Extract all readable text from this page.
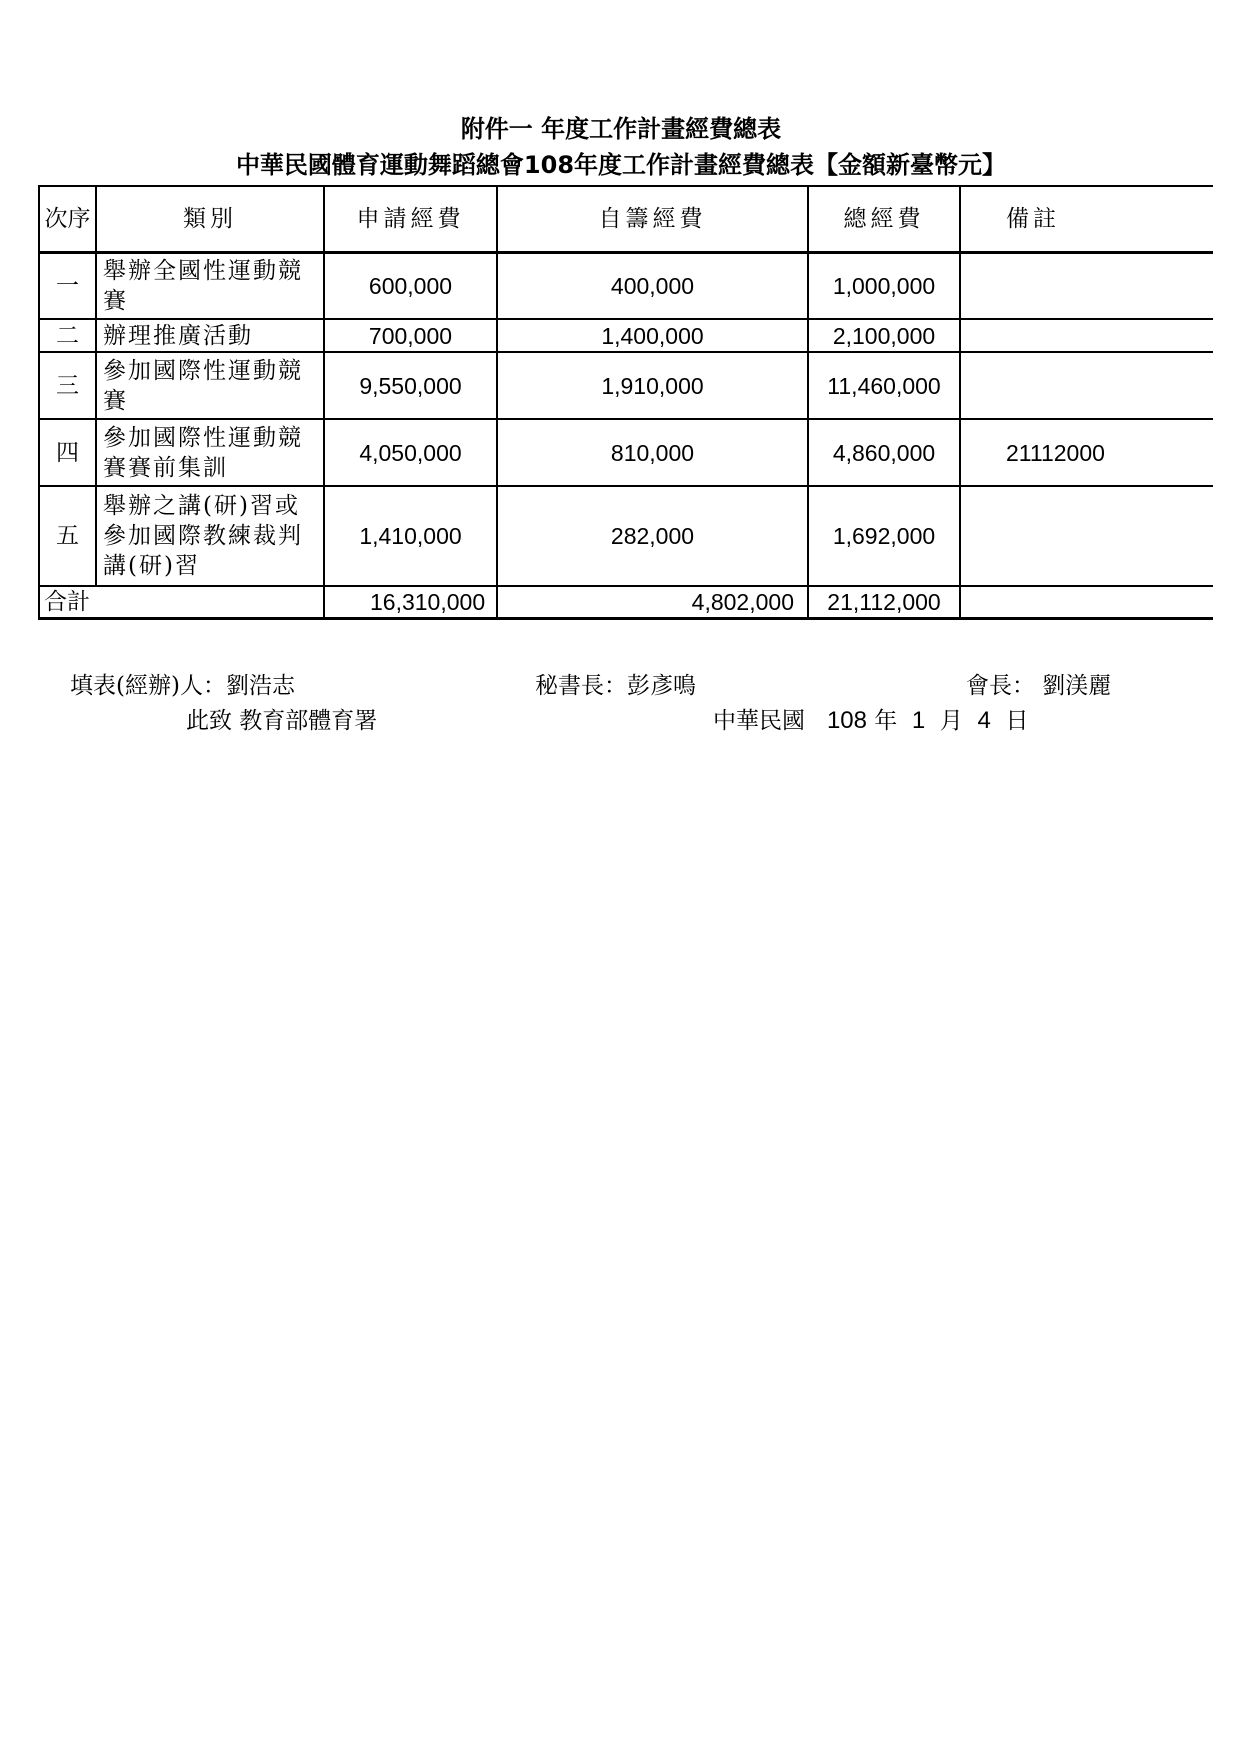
附件一 年度工作計畫經費總表
中華民國體育運動舞蹈總會108年度工作計畫經費總表【金額新臺幣元】
次序	類別	申請經費	自籌經費	總經費	備註
一	舉辦全國性運動競賽	600,000	400,000	1,000,000	
二	辦理推廣活動	700,000	1,400,000	2,100,000	
三	參加國際性運動競賽	9,550,000	1,910,000	11,460,000	
四	參加國際性運動競賽賽前集訓	4,050,000	810,000	4,860,000	21112000
五	舉辦之講(研)習或參加國際教練裁判講(研)習	1,410,000	282,000	1,692,000	
合計		16,310,000	4,802,000	21,112,000	
填表(經辦)人：劉浩志	秘書長：彭彥鳴	會長： 劉渼麗
此致 教育部體育署	中華民國 108 年 1 月 4 日
